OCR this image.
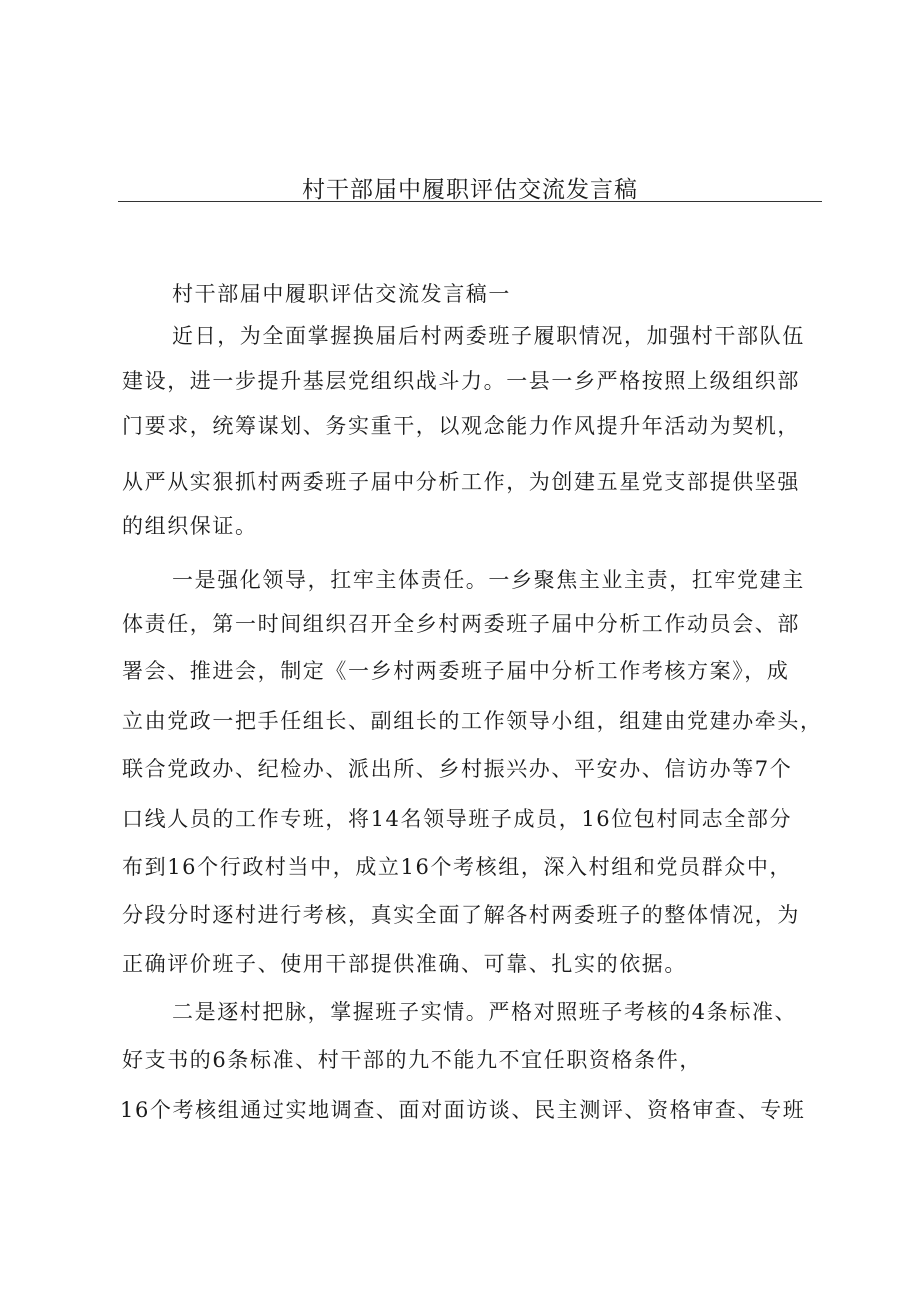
村干部届中履职评估交流发言稿

村干部届中履职评估交流发言稿一

近日，为全面掌握换届后村两委班子履职情况，加强村干部队伍

建设，进一步提升基层党组织战斗力。一县一乡严格按照上级组织部

门要求，统筹谋划、务实重干，以观念能力作风提升年活动为契机，

从严从实狠抓村两委班子届中分析工作，为创建五星党支部提供坚强

的组织保证。

一是强化领导，扛牢主体责任。一乡聚焦主业主责，扛牢党建主

体责任，第一时间组织召开全乡村两委班子届中分析工作动员会、部

署会、推进会，制定《一乡村两委班子届中分析工作考核方案》，成

立由党政一把手任组长、副组长的工作领导小组，组建由党建办牵头，

联合党政办、纪检办、派出所、乡村振兴办、平安办、信访办等7个

口线人员的工作专班，将14名领导班子成员，16位包村同志全部分

布到16个行政村当中，成立16个考核组，深入村组和党员群众中，

分段分时逐村进行考核，真实全面了解各村两委班子的整体情况，为

正确评价班子、使用干部提供准确、可靠、扎实的依据。

二是逐村把脉，掌握班子实情。严格对照班子考核的4条标准、

好支书的6条标准、村干部的九不能九不宜任职资格条件，

16个考核组通过实地调查、面对面访谈、民主测评、资格审查、专班
